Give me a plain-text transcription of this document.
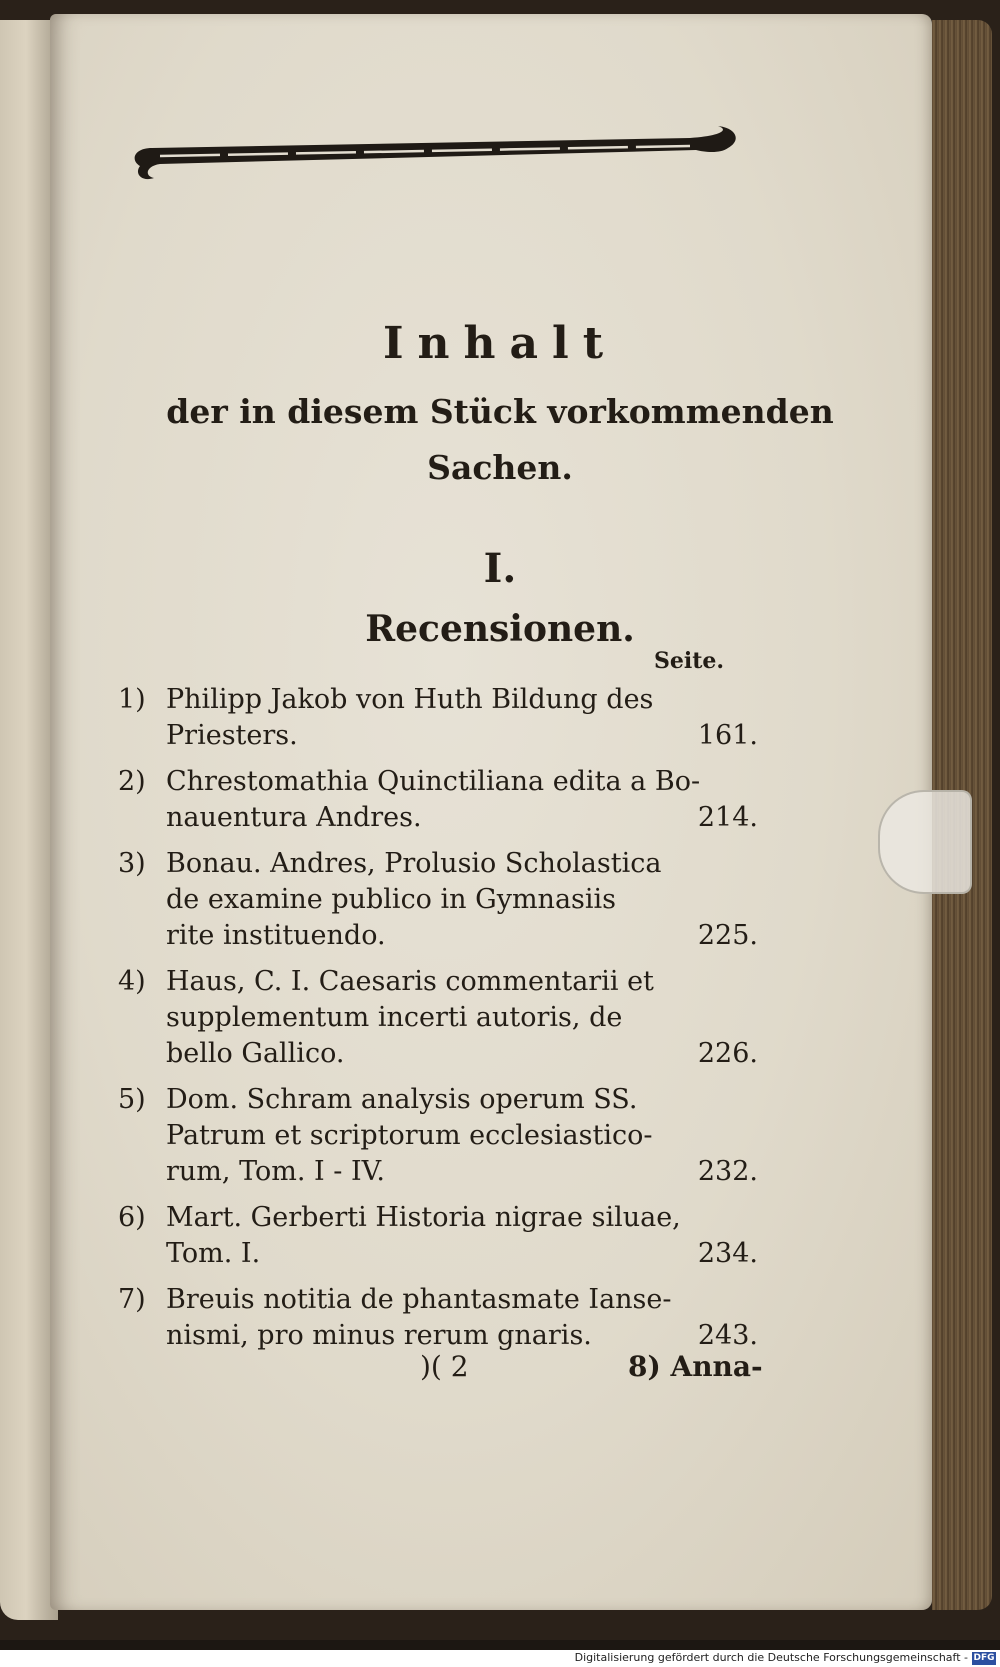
Inhalt
der in diesem Stück vorkommenden
Sachen.
I.
Recensionen.
Seite.
1) Philipp Jakob von Huth Bildung des
Priesters.	161.
2) Chrestomathia Quinctiliana edita a Bo-
nauentura Andres.	214.
3) Bonau. Andres, Prolusio Scholastica
de examine publico in Gymnasiis
rite instituendo.	225.
4) Haus, C. I. Caesaris commentarii et
supplementum incerti autoris, de
bello Gallico.	226.
5) Dom. Schram analysis operum SS.
Patrum et scriptorum ecclesiastico-
rum, Tom. I - IV.	232.
6) Mart. Gerberti Historia nigrae siluae,
Tom. I.	234.
7) Breuis notitia de phantasmate Ianse-
nismi, pro minus rerum gnaris.	243.
)( 2	8) Anna-
Digitalisierung gefördert durch die Deutsche Forschungsgemeinschaft - DFG
